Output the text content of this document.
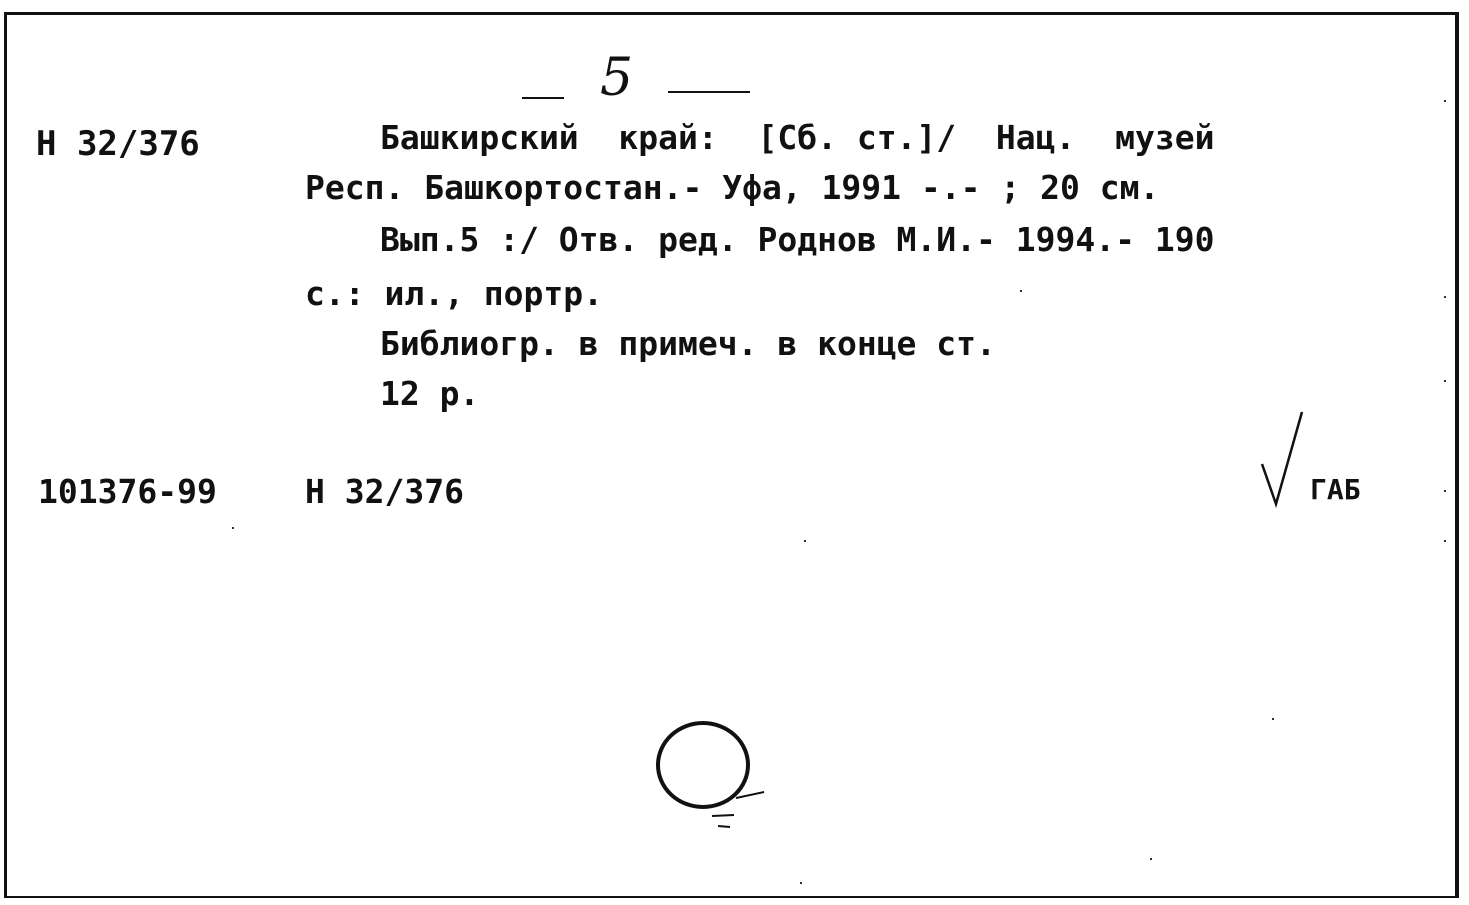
5
Н 32/376	Башкирский  край:  [Сб. ст.]/  Нац.  музей
Респ. Башкортостан.- Уфа, 1991 -.- ; 20 см.
Вып.5 :/ Отв. ред. Роднов М.И.- 1994.- 190
с.: ил., портр.
Библиогр. в примеч. в конце ст.
12 р.
101376-99	Н 32/376	ГАБ
